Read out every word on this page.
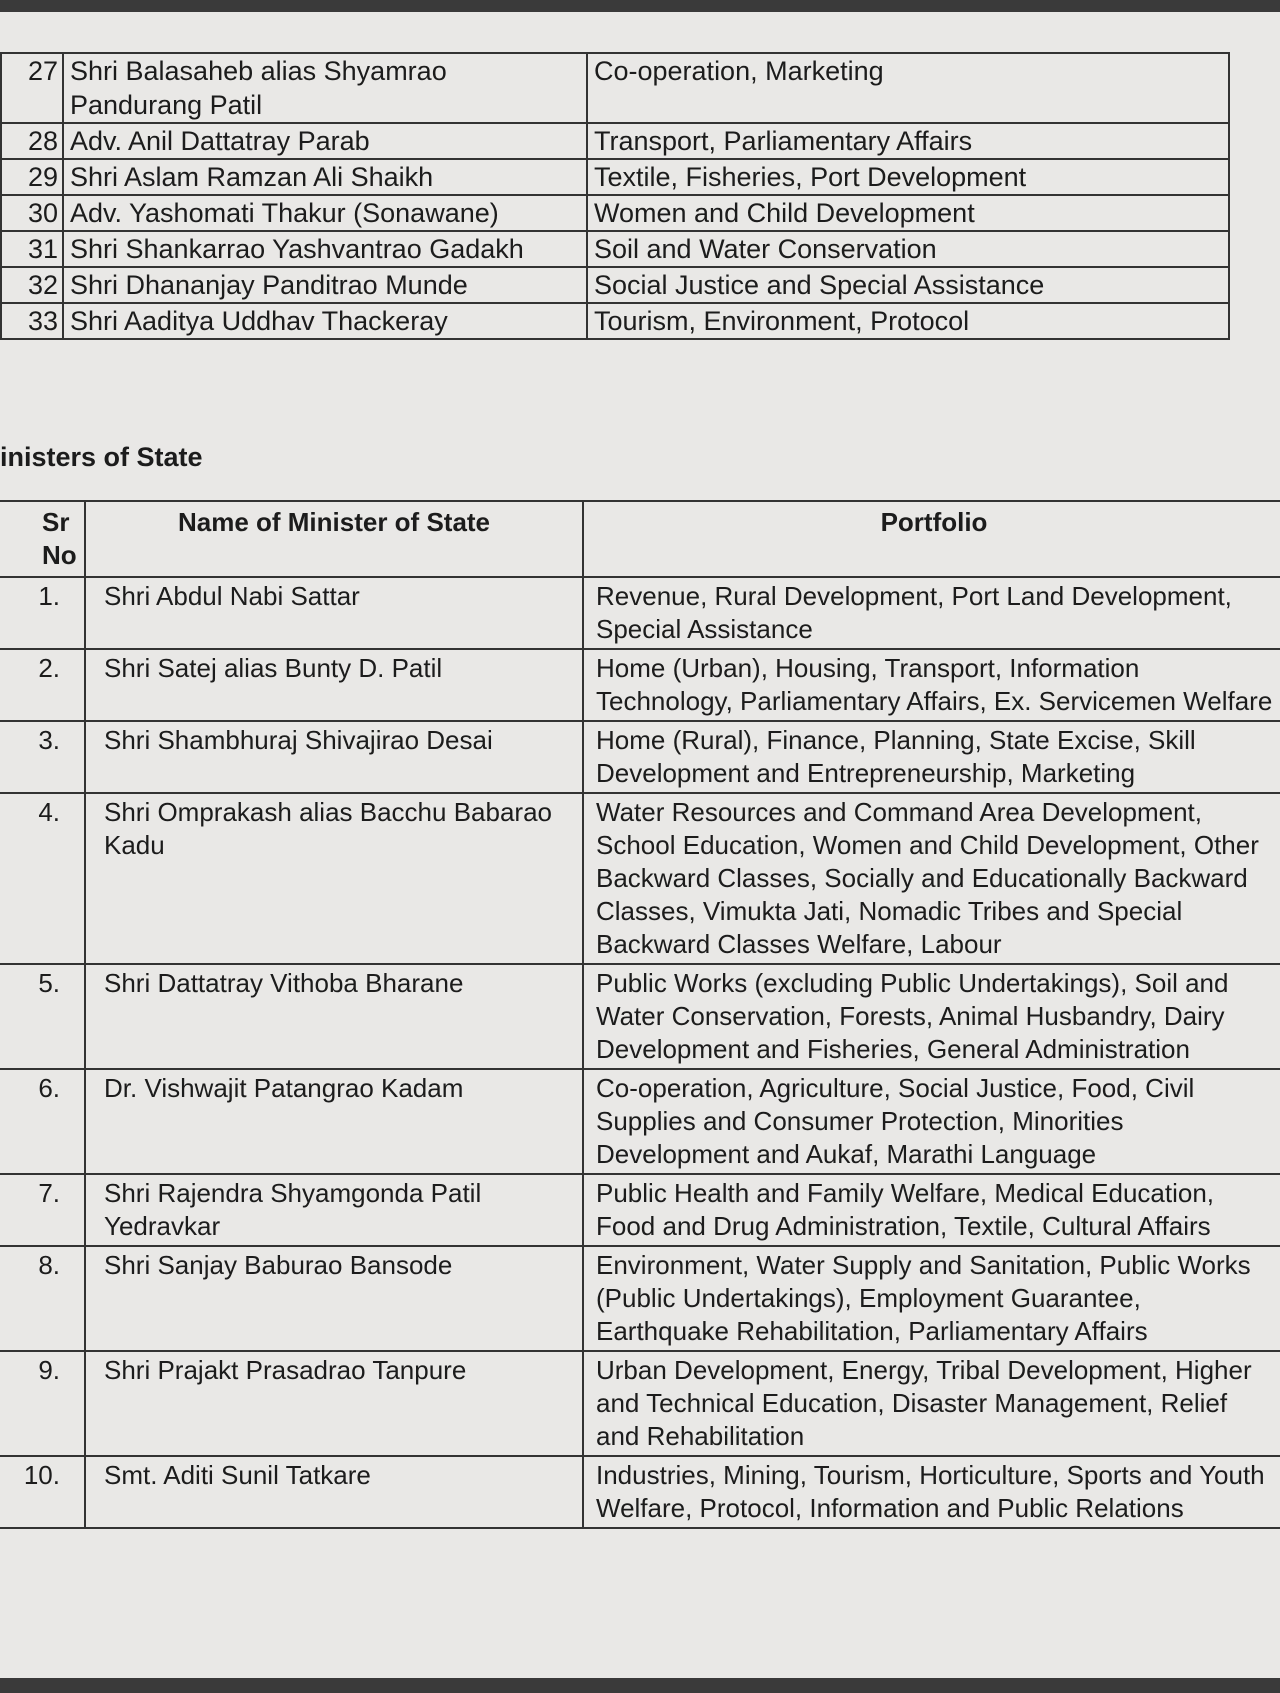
27	Shri Balasaheb alias Shyamrao Pandurang Patil	Co-operation, Marketing
28	Adv. Anil Dattatray Parab	Transport, Parliamentary Affairs
29	Shri Aslam Ramzan Ali Shaikh	Textile, Fisheries, Port Development
30	Adv. Yashomati Thakur (Sonawane)	Women and Child Development
31	Shri Shankarrao Yashvantrao Gadakh	Soil and Water Conservation
32	Shri Dhananjay Panditrao Munde	Social Justice and Special Assistance
33	Shri Aaditya Uddhav Thackeray	Tourism, Environment, Protocol
inisters of State
Sr No	Name of Minister of State	Portfolio
1.	Shri Abdul Nabi Sattar	Revenue, Rural Development, Port Land Development, Special Assistance
2.	Shri Satej alias Bunty D. Patil	Home (Urban), Housing, Transport, Information Technology, Parliamentary Affairs, Ex. Servicemen Welfare
3.	Shri Shambhuraj Shivajirao Desai	Home (Rural), Finance, Planning, State Excise, Skill Development and Entrepreneurship, Marketing
4.	Shri Omprakash alias Bacchu Babarao Kadu	Water Resources and Command Area Development, School Education, Women and Child Development, Other Backward Classes, Socially and Educationally Backward Classes, Vimukta Jati, Nomadic Tribes and Special Backward Classes Welfare, Labour
5.	Shri Dattatray Vithoba Bharane	Public Works (excluding Public Undertakings), Soil and Water Conservation, Forests, Animal Husbandry, Dairy Development and Fisheries, General Administration
6.	Dr. Vishwajit Patangrao Kadam	Co-operation, Agriculture, Social Justice, Food, Civil Supplies and Consumer Protection, Minorities Development and Aukaf, Marathi Language
7.	Shri Rajendra Shyamgonda Patil Yedravkar	Public Health and Family Welfare, Medical Education, Food and Drug Administration, Textile, Cultural Affairs
8.	Shri Sanjay Baburao Bansode	Environment, Water Supply and Sanitation, Public Works (Public Undertakings), Employment Guarantee, Earthquake Rehabilitation, Parliamentary Affairs
9.	Shri Prajakt Prasadrao Tanpure	Urban Development, Energy, Tribal Development, Higher and Technical Education, Disaster Management, Relief and Rehabilitation
10.	Smt. Aditi Sunil Tatkare	Industries, Mining, Tourism, Horticulture, Sports and Youth Welfare, Protocol, Information and Public Relations
